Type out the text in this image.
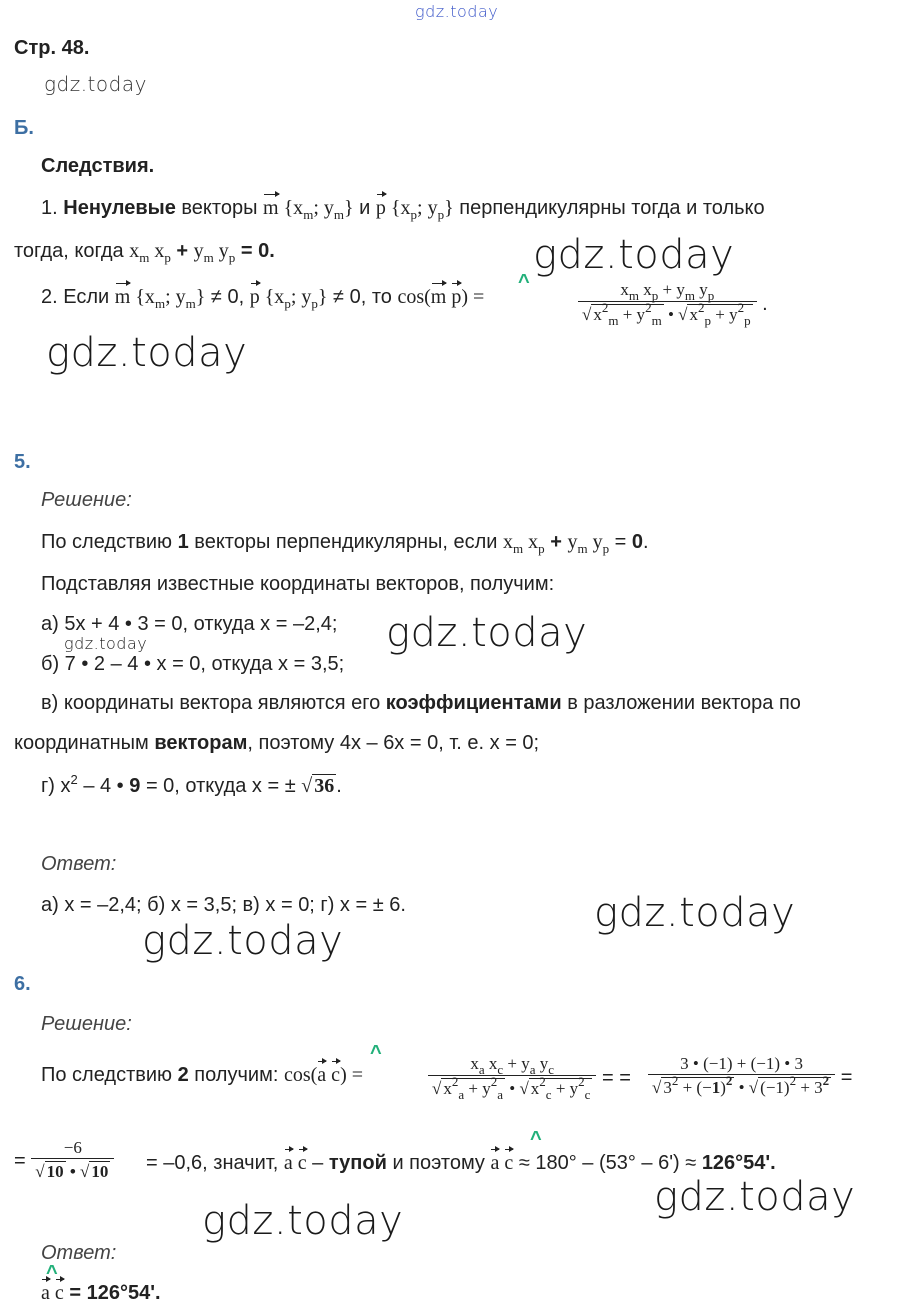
gdz.today
gdz.today
gdz.today
gdz.today
gdz.today
gdz.today
gdz.today
gdz.today
gdz.today
gdz.today
Стр. 48.
Б.
Следствия.
1. Ненулевые векторы m {$x_m$; $y_m$} и p {$x_p$; $y_p$} перпендикулярны тогда и только
тогда, когда $x_m$ $x_p + y_m$ $y_p = 0$.
^
2. Если m {$x_m$; $y_m\} \ne 0$, p {$x_p$; $y_p\} \ne 0$, то cos(m p) =	$\frac{x_m x_p + y_m y_p}{√ x^2_m + y^2_m • √ x^2_p + y^2_p}$ .
5.
Решение:
По следствию 1 векторы перпендикулярны, если $x_m$ $x_p + y_m$ $y_p = 0$.
Подставляя известные координаты векторов, получим:
а) 5x + 4 • 3 = 0, откуда x = –2,4;
б) 7 • 2 – 4 • x = 0, откуда x = 3,5;
в) координаты вектора являются его коэффициентами в разложении вектора по
координатным векторам, поэтому 4x – 6x = 0, т. е. x = 0;
г) $x^2 - 4$ • 9 = 0, откуда x = ± √ 36 .
Ответ:
а) x = –2,4; б) x = 3,5; в) x = 0; г) x = ± 6.
6.
Решение:
^
По следствию 2 получим: cos(a c) =	$\frac{x_a x_c + y_a y_c}{√ x^2_a + y^2_a • √ x^2_c + y^2_c}$ = = $\frac{3 • (-1) + (-1) • 3}{√ 3^2 + (-1)^2 • √ (-1)^2 + 3^2}$ =
^
= $\frac{-6}{√ 10 • √ 10} = -0,6$, значит, a c – тупой и поэтому a c ≈ 180° – (53° – 6') ≈ 126°54'.
Ответ:
^
a c = 126°54'.
